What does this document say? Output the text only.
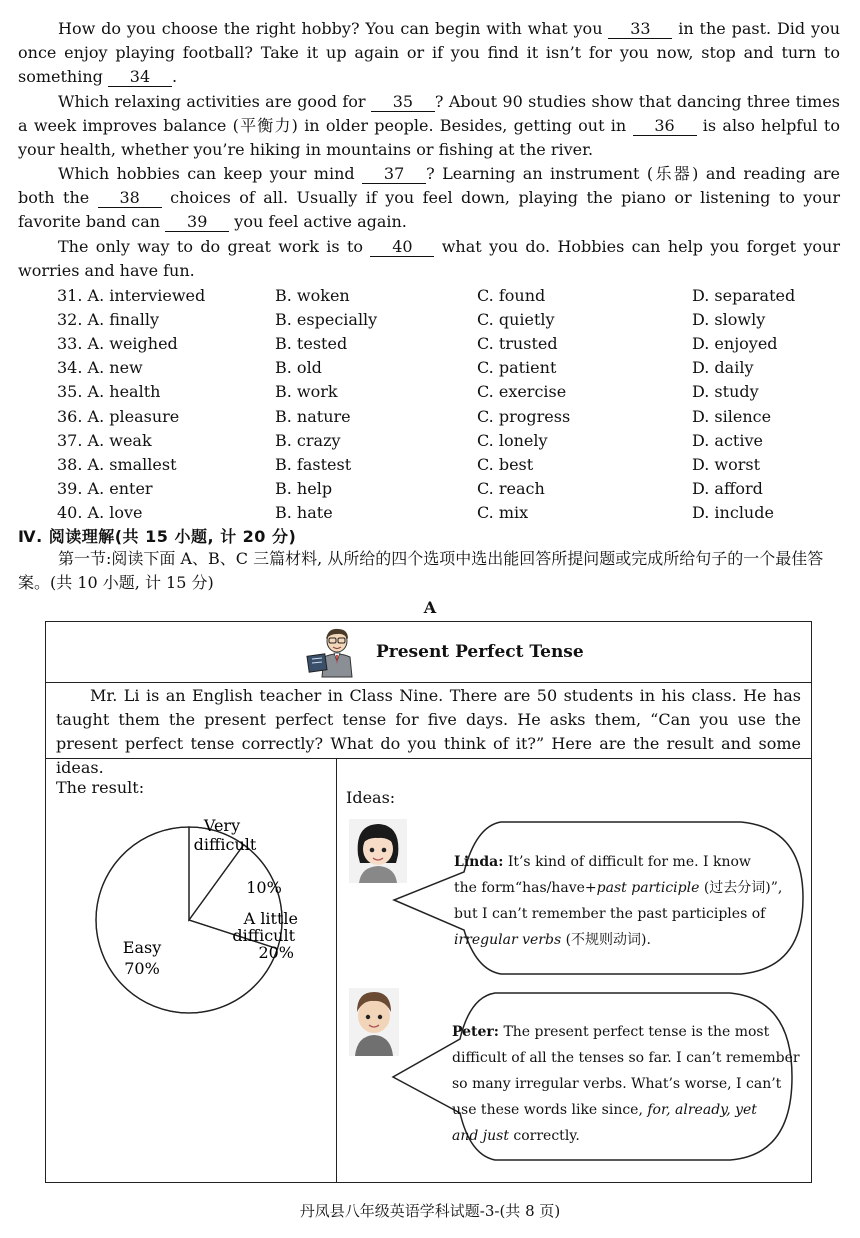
How do you choose the right hobby? You can begin with what you 33 in the past. Did you once enjoy playing football? Take it up again or if you find it isn’t for you now, stop and turn to something 34 .

Which relaxing activities are good for 35 ? About 90 studies show that dancing three times a week improves balance (平衡力) in older people. Besides, getting out in 36 is also helpful to your health, whether you’re hiking in mountains or fishing at the river.

Which hobbies can keep your mind 37 ? Learning an instrument (乐器) and reading are both the 38 choices of all. Usually if you feel down, playing the piano or listening to your favorite band can 39 you feel active again.

The only way to do great work is to 40 what you do. Hobbies can help you forget your worries and have fun.

31. A. interviewed	B. woken	C. found	D. separated
32. A. finally	B. especially	C. quietly	D. slowly
33. A. weighed	B. tested	C. trusted	D. enjoyed
34. A. new	B. old	C. patient	D. daily
35. A. health	B. work	C. exercise	D. study
36. A. pleasure	B. nature	C. progress	D. silence
37. A. weak	B. crazy	C. lonely	D. active
38. A. smallest	B. fastest	C. best	D. worst
39. A. enter	B. help	C. reach	D. afford
40. A. love	B. hate	C. mix	D. include
Ⅳ. 阅读理解(共 15 小题, 计 20 分)

第一节:阅读下面 A、B、C 三篇材料, 从所给的四个选项中选出能回答所提问题或完成所给句子的一个最佳答案。(共 10 小题, 计 15 分)

A
Present Perfect Tense

Mr. Li is an English teacher in Class Nine. There are 50 students in his class. He has taught them the present perfect tense for five days. He asks them, “Can you use the present perfect tense correctly? What do you think of it?” Here are the result and some ideas.

The result:
Ideas:
Very
difficult
10%
A little
difficult
20%
Easy
70%
Linda: It’s kind of difficult for me. I know
the form“has/have+past participle (过去分词)”,
but I can’t remember the past participles of
irregular verbs (不规则动词).
Peter: The present perfect tense is the most
difficult of all the tenses so far. I can’t remember
so many irregular verbs. What’s worse, I can’t
use these words like since, for, already, yet
and just correctly.
丹凤县八年级英语学科试题-3-(共 8 页)
